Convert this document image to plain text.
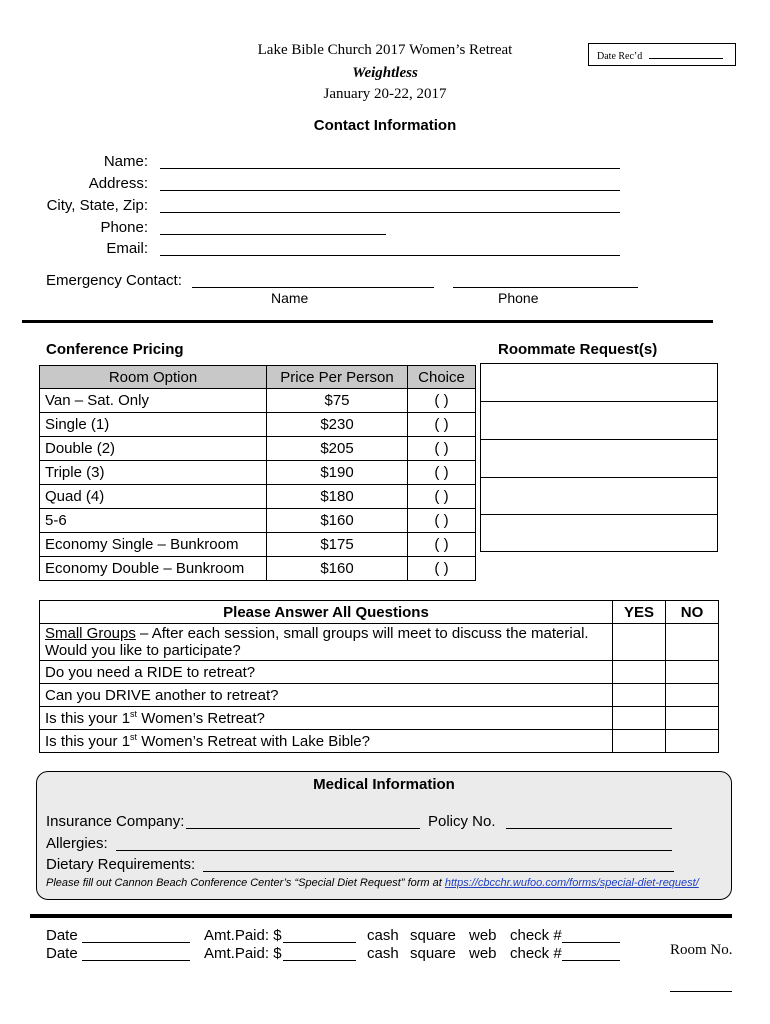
Lake Bible Church 2017 Women’s Retreat
Weightless
January 20-22, 2017
Date Rec’d
Contact Information
Name:
Address:
City, State, Zip:
Phone:
Email:
Emergency Contact:
Name	Phone
Conference Pricing	Roommate Request(s)
Room Option	Price Per Person	Choice
Van – Sat. Only	$75	( )
Single (1)	$230	( )
Double (2)	$205	( )
Triple (3)	$190	( )
Quad (4)	$180	( )
5-6	$160	( )
Economy Single – Bunkroom	$175	( )
Economy Double – Bunkroom	$160	( )
Please Answer All Questions	YES	NO
Small Groups – After each session, small groups will meet to discuss the material.
Would you like to participate?		
Do you need a RIDE to retreat?		
Can you DRIVE another to retreat?		
Is this your 1st Women’s Retreat?		
Is this your 1st Women’s Retreat with Lake Bible?		
Medical Information
Insurance Company:	Policy No.
Allergies:
Dietary Requirements:
Please fill out Cannon Beach Conference Center’s “Special Diet Request” form at https://cbcchr.wufoo.com/forms/special-diet-request/
Date	Amt.Paid: $	cash square web check #
Date	Amt.Paid: $	cash square web check #	Room No.
